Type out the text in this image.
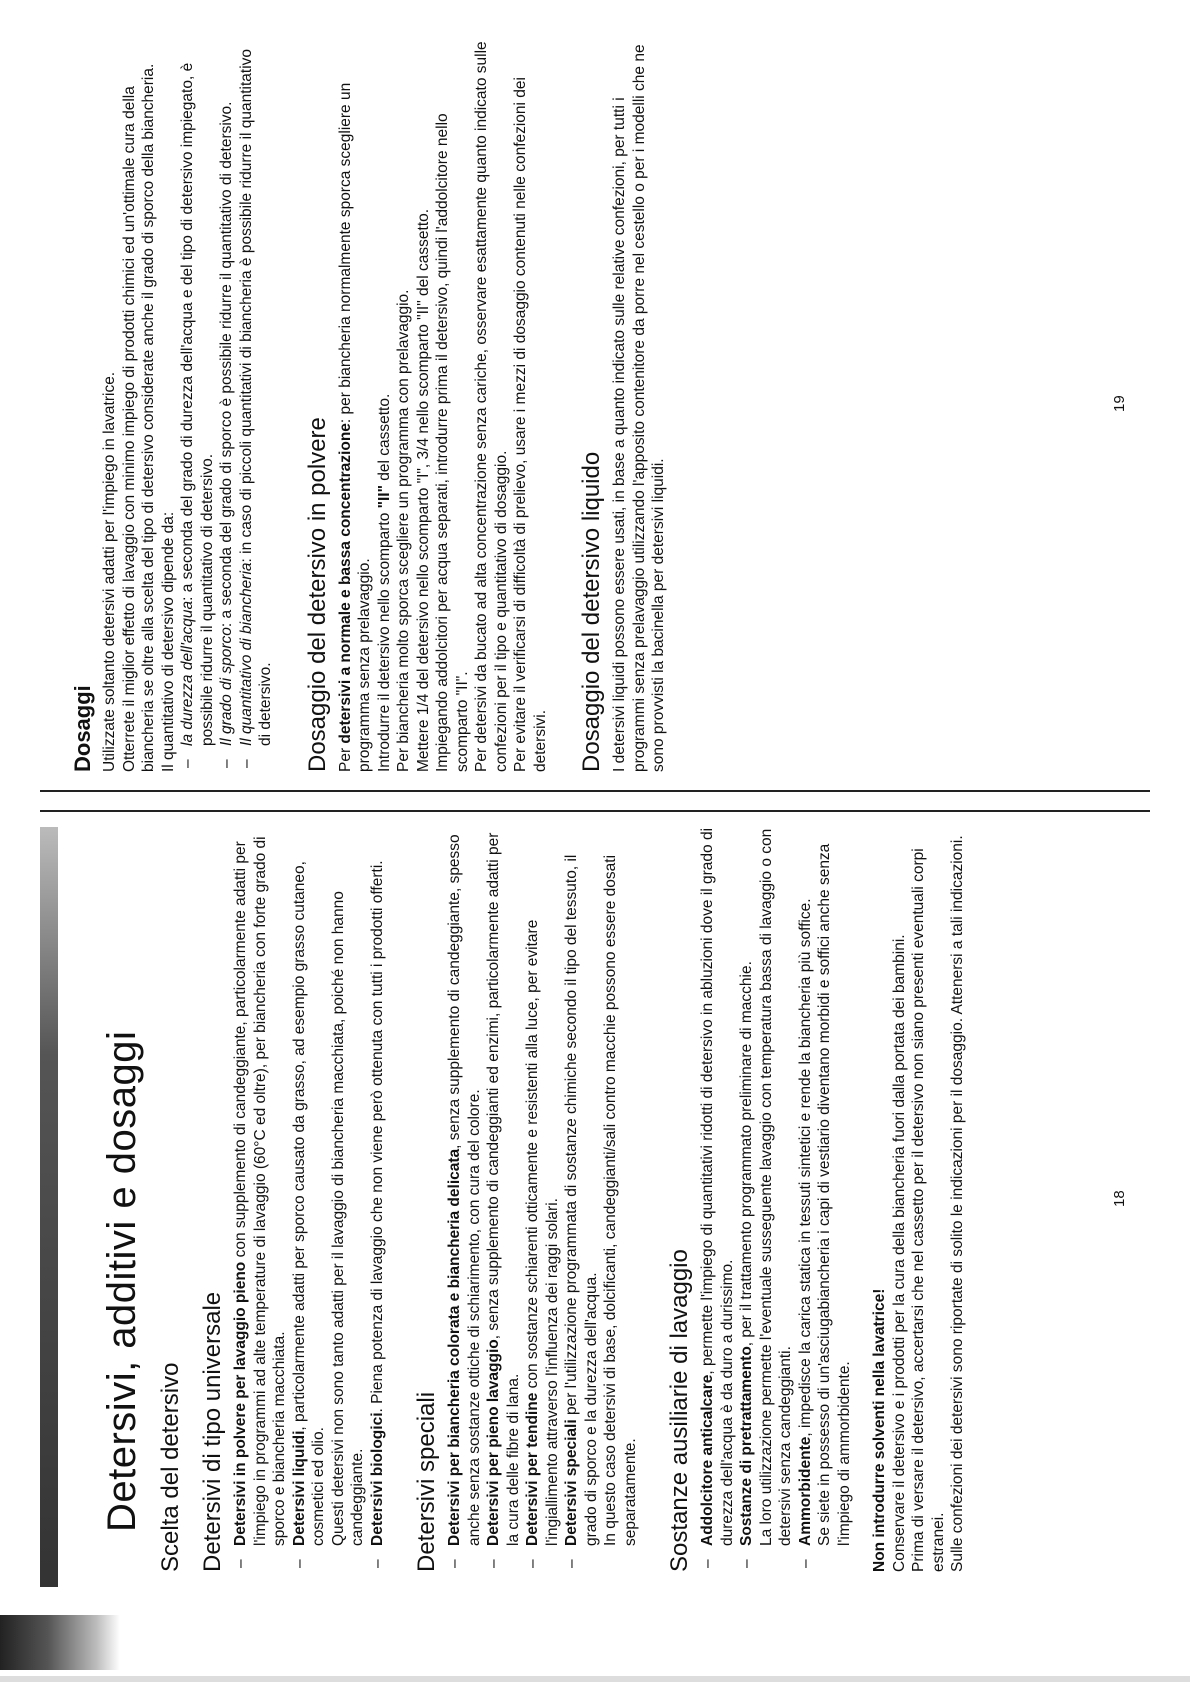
Detersivi, additivi e dosaggi Scelta del detersivo Detersivi di tipo universale – Detersivi in polvere per lavaggio pieno con supplemento di candeggiante, particolarmente adatti per l'impiego in programmi ad alte temperature di lavaggio (60°C ed oltre), per biancheria con forte grado di sporco e biancheria macchiata. – Detersivi liquidi, particolarmente adatti per sporco causato da grasso, ad esempio grasso cutaneo, cosmetici ed olio. Questi detersivi non sono tanto adatti per il lavaggio di biancheria macchiata, poiché non hanno candeggiante. – Detersivi biologici. Piena potenza di lavaggio che non viene però ottenuta con tutti i prodotti offerti.
Detersivi speciali – Detersivi per biancheria colorata e biancheria delicata, senza supplemento di candeggiante, spesso anche senza sostanze ottiche di schiarimento, con cura del colore. – Detersivi per pieno lavaggio, senza supplemento di candeggianti ed enzimi, particolarmente adatti per la cura delle fibre di lana. – Detersivi per tendine con sostanze schiarenti otticamente e resistenti alla luce, per evitare l'ingiallimento attraverso l'influenza dei raggi solari. – Detersivi speciali per l'utilizzazione programmata di sostanze chimiche secondo il tipo del tessuto, il grado di sporco e la durezza dell'acqua. In questo caso detersivi di base, dolcificanti, candeggianti/sali contro macchie possono essere dosati separatamente. Sostanze ausiliarie di lavaggio – Addolcitore anticalcare, permette l'impiego di quantitativi ridotti di detersivo in abluzioni dove il grado di durezza dell'acqua è da duro a durissimo. – Sostanze di pretrattamento, per il trattamento programmato preliminare di macchie. La loro utilizzazione permette l'eventuale susseguente lavaggio con temperatura bassa di lavaggio o con detersivi senza candeggianti. – Ammorbidente, impedisce la carica statica in tessuti sintetici e rende la biancheria più soffice. Se siete in possesso di un'asciugabiancheria i capi di vestiario diventano morbidi e soffici anche senza l'impiego di ammorbidente. Non introdurre solventi nella lavatrice! Conservare il detersivo e i prodotti per la cura della biancheria fuori dalla portata dei bambini. Prima di versare il detersivo, accertarsi che nel cassetto per il detersivo non siano presenti eventuali corpi estranei. Sulle confezioni dei detersivi sono riportate di solito le indicazioni per il dosaggio. Attenersi a tali indicazioni.	18
Dosaggi Utilizzate soltanto detersivi adatti per l'impiego in lavatrice. Otterrete il miglior effetto di lavaggio con minimo impiego di prodotti chimici ed un'ottimale cura della biancheria se oltre alla scelta del tipo di detersivo considerate anche il grado di sporco della biancheria. Il quantitativo di detersivo dipende da: – la durezza dell'acqua: a seconda del grado di durezza dell'acqua e del tipo di detersivo impiegato, è possibile ridurre il quantitativo di detersivo. – Il grado di sporco: a seconda del grado di sporco è possibile ridurre il quantitativo di detersivo.
– Il quantitativo di biancheria: in caso di piccoli quantitativi di biancheria è possibile ridurre il quantitativo di detersivo. Dosaggio del detersivo in polvere Per detersivi a normale e bassa concentrazione: per biancheria normalmente sporca scegliere un programma senza prelavaggio. Introdurre il detersivo nello scomparto "II" del cassetto. Per biancheria molto sporca scegliere un programma con prelavaggio. Mettere 1/4 del detersivo nello scomparto "I", 3/4 nello scomparto "II" del cassetto. Impiegando addolcitori per acqua separati, introdurre prima il detersivo, quindi l'addolcitore nello scomparto "II". Per detersivi da bucato ad alta concentrazione senza cariche, osservare esattamente quanto indicato sulle confezioni per il tipo e quantitativo di dosaggio. Per evitare il verificarsi di difficoltà di prelievo, usare i mezzi di dosaggio contenuti nelle confezioni dei detersivi. Dosaggio del detersivo liquido I detersivi liquidi possono essere usati, in base a quanto indicato sulle relative confezioni, per tutti i programmi senza prelavaggio utilizzando l'apposito contenitore da porre nel cestello o per i modelli che ne sono provvisti la bacinella per detersivi liquidi.

19
